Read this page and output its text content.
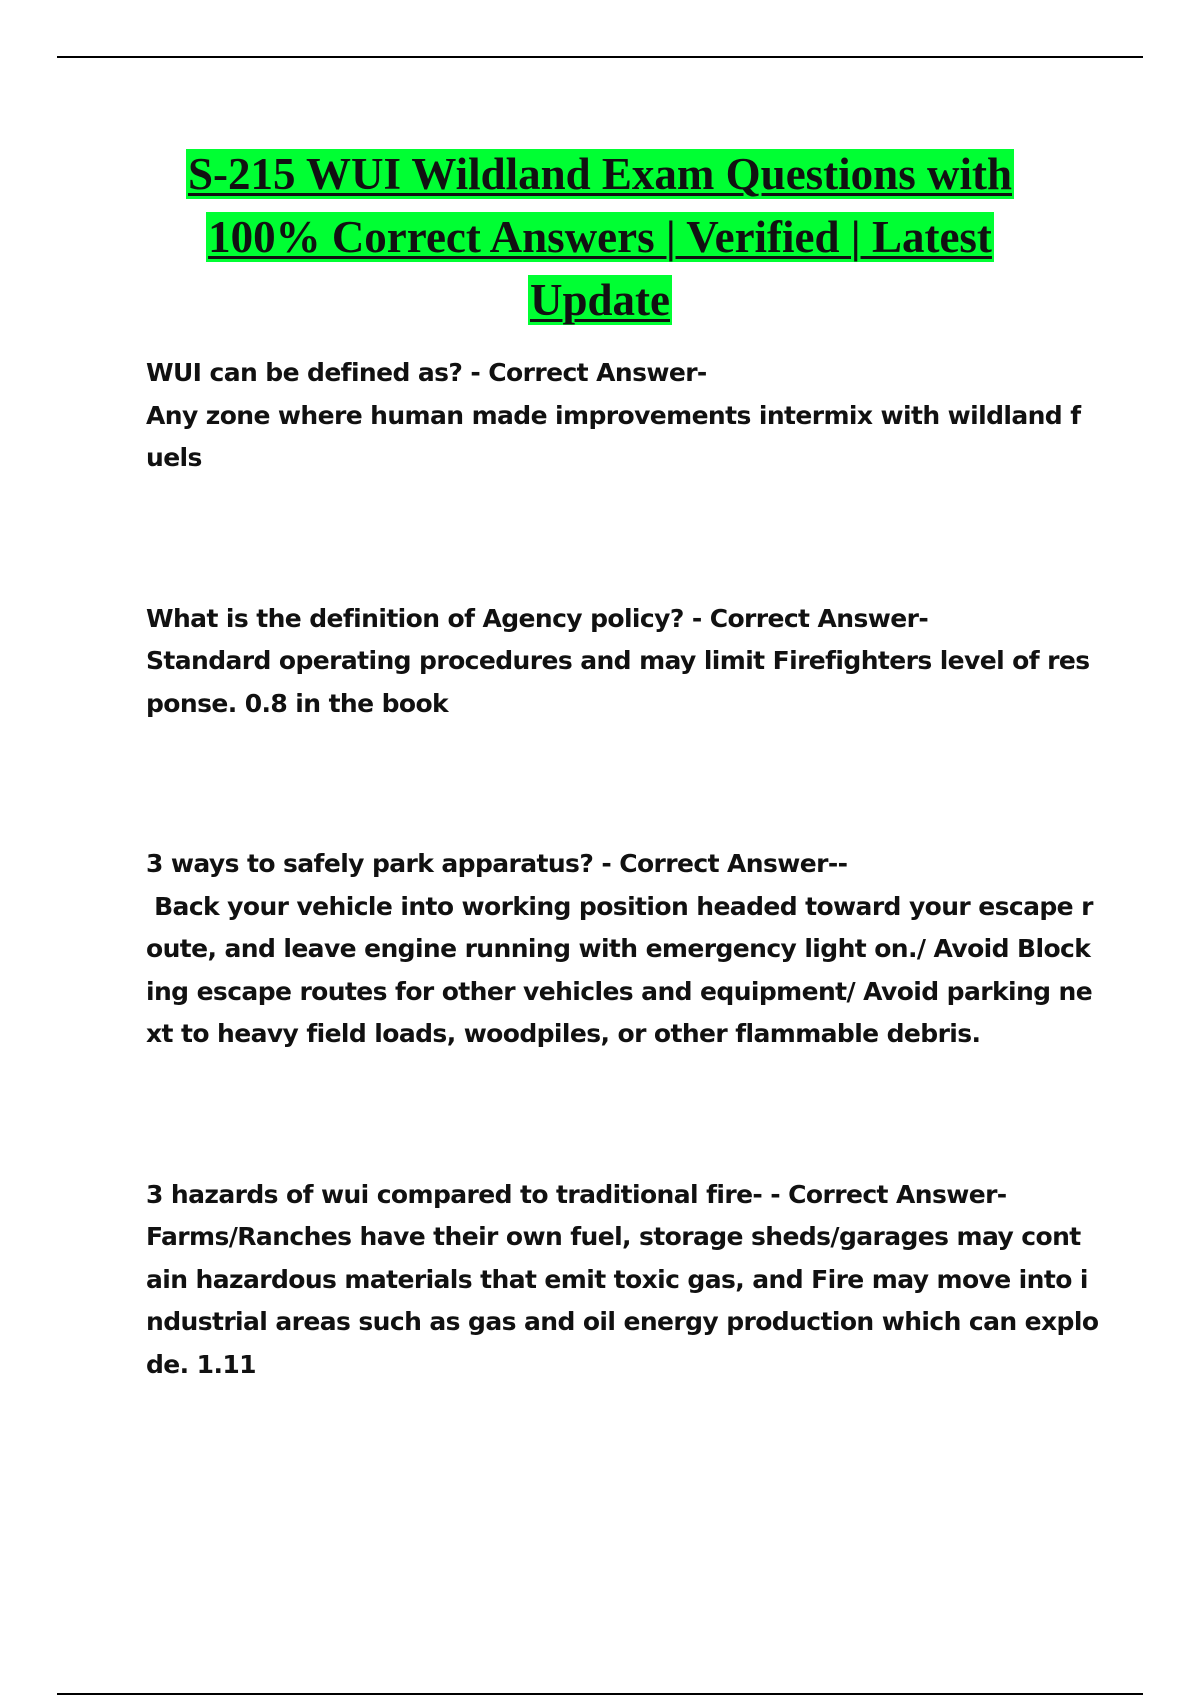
S-215 WUI Wildland Exam Questions with
100% Correct Answers | Verified | Latest
Update
WUI can be defined as? - Correct Answer-
Any zone where human made improvements intermix with wildland f
uels
What is the definition of Agency policy? - Correct Answer-
Standard operating procedures and may limit Firefighters level of res
ponse. 0.8 in the book
3 ways to safely park apparatus? - Correct Answer--
Back your vehicle into working position headed toward your escape r
oute, and leave engine running with emergency light on./ Avoid Block
ing escape routes for other vehicles and equipment/ Avoid parking ne
xt to heavy field loads, woodpiles, or other flammable debris.
3 hazards of wui compared to traditional fire- - Correct Answer-
Farms/Ranches have their own fuel, storage sheds/garages may cont
ain hazardous materials that emit toxic gas, and Fire may move into i
ndustrial areas such as gas and oil energy production which can explo
de. 1.11
